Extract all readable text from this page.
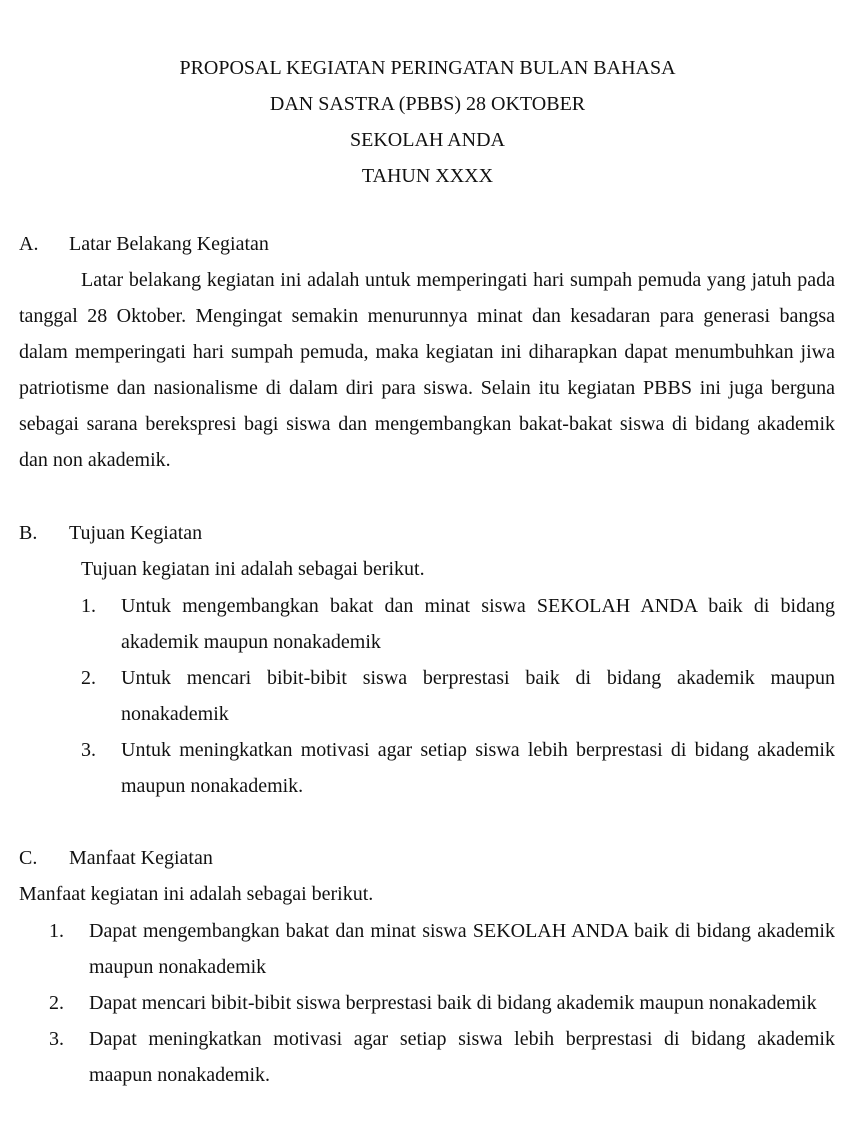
PROPOSAL KEGIATAN PERINGATAN BULAN BAHASA
DAN SASTRA (PBBS) 28 OKTOBER
SEKOLAH ANDA
TAHUN XXXX
A. Latar Belakang Kegiatan
Latar belakang kegiatan ini adalah untuk memperingati hari sumpah pemuda yang jatuh pada tanggal 28 Oktober. Mengingat semakin menurunnya minat dan kesadaran para generasi bangsa dalam memperingati hari sumpah pemuda, maka kegiatan ini diharapkan dapat menumbuhkan jiwa patriotisme dan nasionalisme di dalam diri para siswa. Selain itu kegiatan PBBS ini juga berguna sebagai sarana berekspresi bagi siswa dan mengembangkan bakat-bakat siswa di bidang akademik dan non akademik.
B. Tujuan Kegiatan
Tujuan kegiatan ini adalah sebagai berikut.
1. Untuk mengembangkan bakat dan minat siswa SEKOLAH ANDA baik di bidang akademik maupun nonakademik
2. Untuk mencari bibit-bibit siswa berprestasi baik di bidang akademik maupun nonakademik
3. Untuk meningkatkan motivasi agar setiap siswa lebih berprestasi di bidang akademik maupun nonakademik.
C. Manfaat Kegiatan
Manfaat kegiatan ini adalah sebagai berikut.
1. Dapat mengembangkan bakat dan minat siswa SEKOLAH ANDA baik di bidang akademik maupun nonakademik
2. Dapat mencari bibit-bibit siswa berprestasi baik di bidang akademik maupun nonakademik
3. Dapat meningkatkan motivasi agar setiap siswa lebih berprestasi di bidang akademik maapun nonakademik.
